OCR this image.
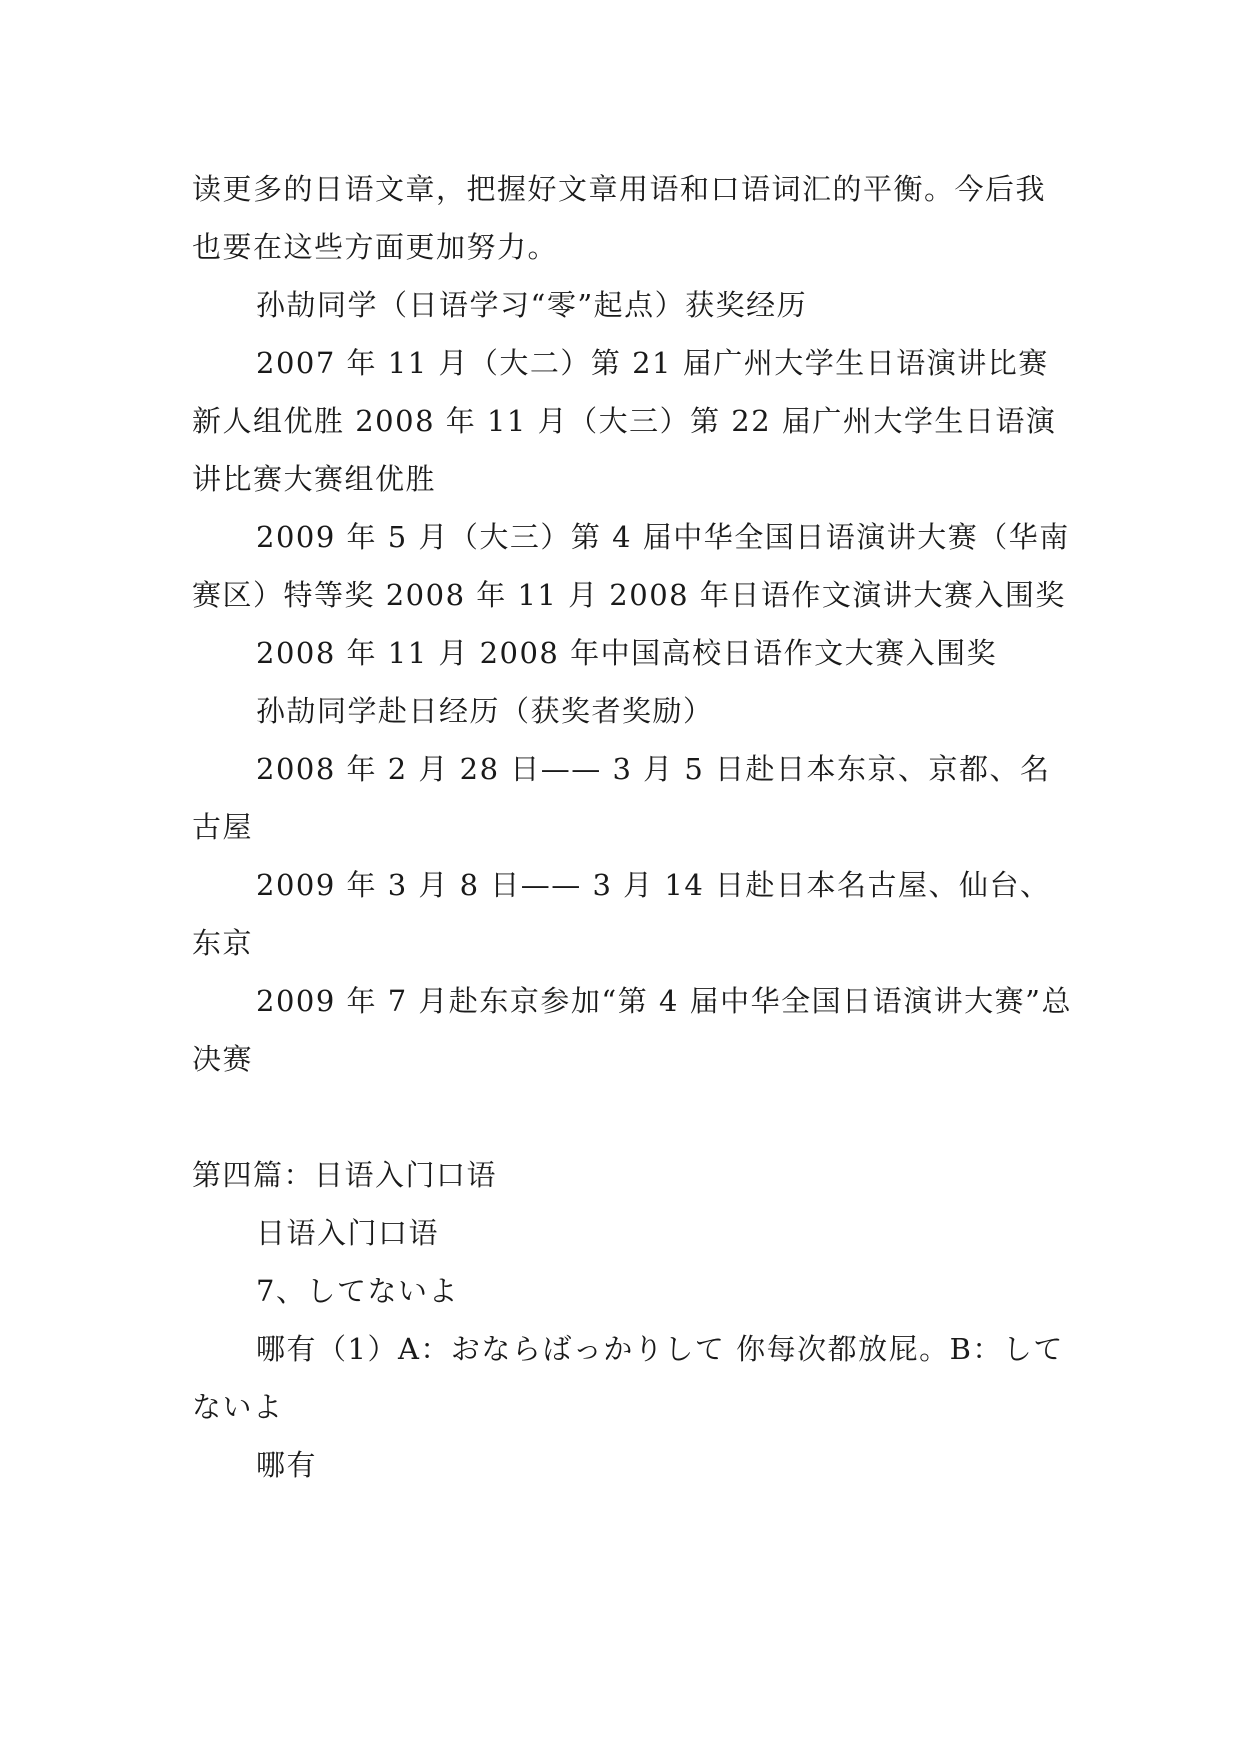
读更多的日语文章，把握好文章用语和口语词汇的平衡。今后我也要在这些方面更加努力。

孙劼同学（日语学习“零”起点）获奖经历

2007 年 11 月（大二）第 21 届广州大学生日语演讲比赛新人组优胜 2008 年 11 月（大三）第 22 届广州大学生日语演讲比赛大赛组优胜

2009 年 5 月（大三）第 4 届中华全国日语演讲大赛（华南赛区）特等奖 2008 年 11 月 2008 年日语作文演讲大赛入围奖

2008 年 11 月 2008 年中国高校日语作文大赛入围奖

孙劼同学赴日经历（获奖者奖励）

2008 年 2 月 28 日—— 3 月 5 日赴日本东京、京都、名古屋

2009 年 3 月 8 日—— 3 月 14 日赴日本名古屋、仙台、东京

2009 年 7 月赴东京参加“第 4 届中华全国日语演讲大赛”总决赛

第四篇：日语入门口语

日语入门口语

7、してないよ

哪有（1）A：おならばっかりして 你每次都放屁。B：してないよ

哪有
